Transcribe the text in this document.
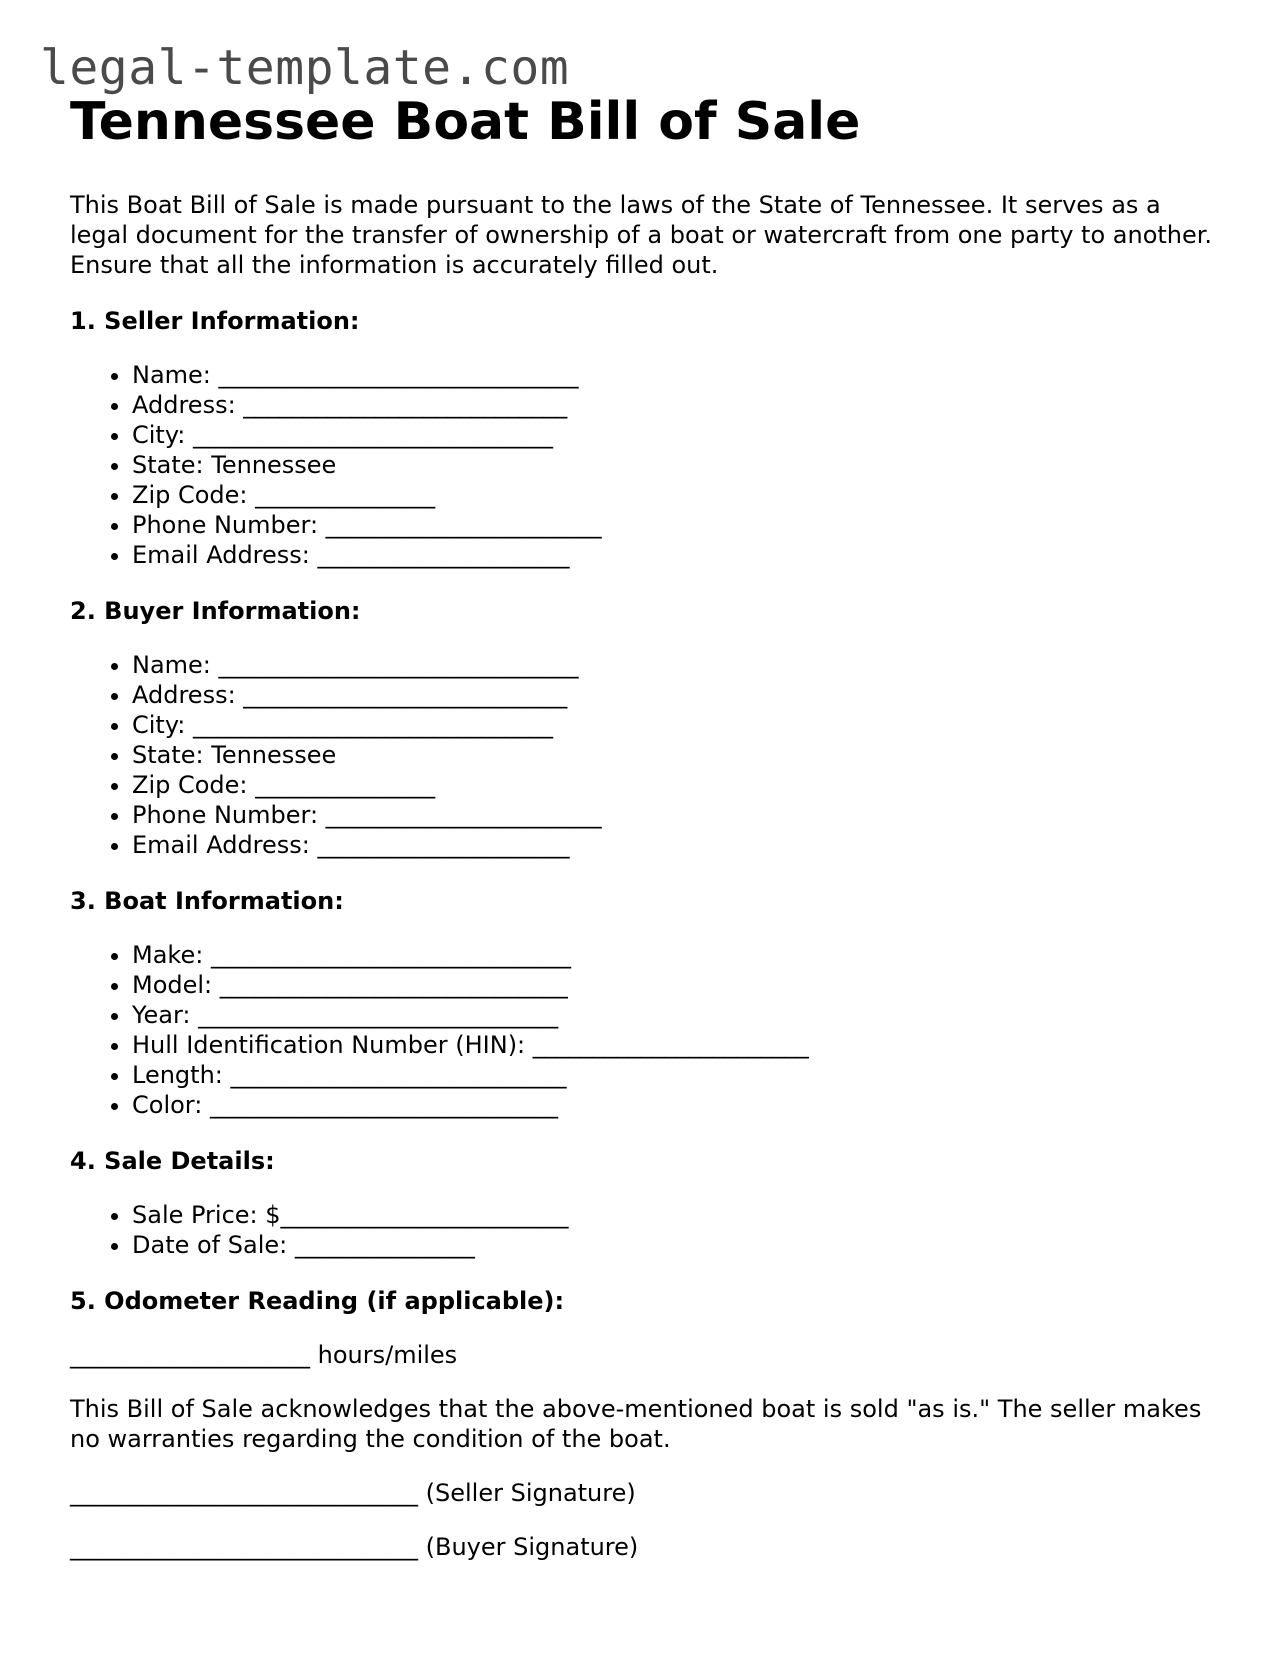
legal-template.com
Tennessee Boat Bill of Sale

This Boat Bill of Sale is made pursuant to the laws of the State of Tennessee. It serves as a legal document for the transfer of ownership of a boat or watercraft from one party to another. Ensure that all the information is accurately filled out.

1. Seller Information:
• Name: ______________________________
• Address: ___________________________
• City: ______________________________
• State: Tennessee
• Zip Code: _______________
• Phone Number: _______________________
• Email Address: _____________________
2. Buyer Information:
• Name: ______________________________
• Address: ___________________________
• City: ______________________________
• State: Tennessee
• Zip Code: _______________
• Phone Number: _______________________
• Email Address: _____________________
3. Boat Information:
• Make: ______________________________
• Model: _____________________________
• Year: ______________________________
• Hull Identification Number (HIN): _______________________
• Length: ____________________________
• Color: _____________________________
4. Sale Details:
• Sale Price: $________________________
• Date of Sale: _______________
5. Odometer Reading (if applicable):
____________________ hours/miles

This Bill of Sale acknowledges that the above-mentioned boat is sold "as is." The seller makes no warranties regarding the condition of the boat.

_____________________________ (Seller Signature)
_____________________________ (Buyer Signature)
